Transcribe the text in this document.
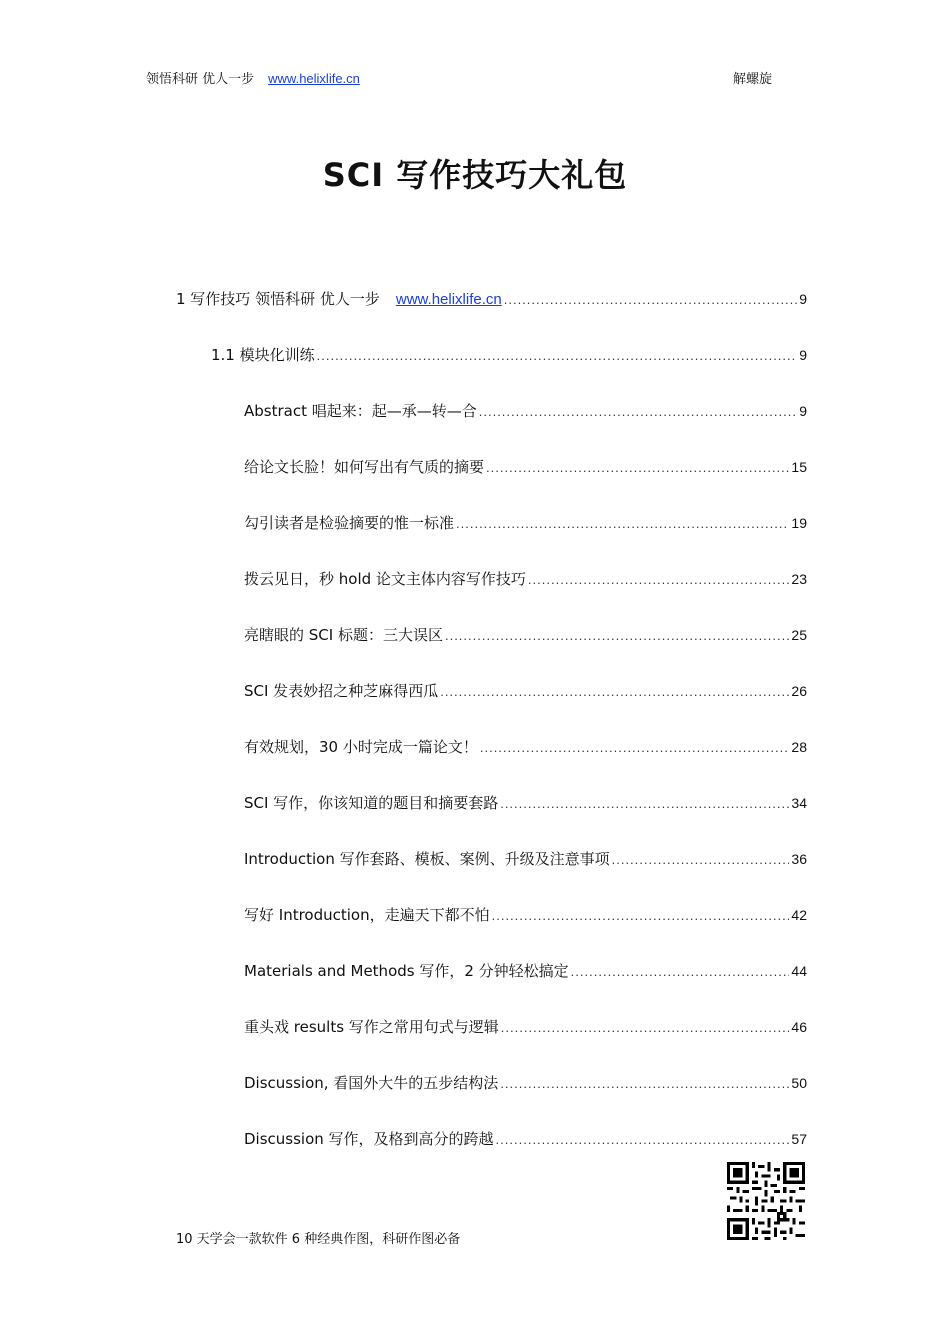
领悟科研 优人一步 www.helixlife.cn	解螺旋
SCI 写作技巧大礼包
1 写作技巧 领悟科研 优人一步 www.helixlife.cn .....	9
1.1 模块化训练 .....	9
Abstract 唱起来：起—承—转—合 .....	9
给论文长脸！如何写出有气质的摘要 .....	15
勾引读者是检验摘要的惟一标准 .....	19
拨云见日，秒 hold 论文主体内容写作技巧 .....	23
亮瞎眼的 SCI 标题：三大误区 .....	25
SCI 发表妙招之种芝麻得西瓜 .....	26
有效规划，30 小时完成一篇论文！ .....	28
SCI 写作，你该知道的题目和摘要套路 .....	34
Introduction 写作套路、模板、案例、升级及注意事项 .....	36
写好 Introduction，走遍天下都不怕 .....	42
Materials and Methods 写作，2 分钟轻松搞定 .....	44
重头戏 results 写作之常用句式与逻辑 .....	46
Discussion, 看国外大牛的五步结构法 .....	50
Discussion 写作，及格到高分的跨越 .....	57
10 天学会一款软件 6 种经典作图，科研作图必备
